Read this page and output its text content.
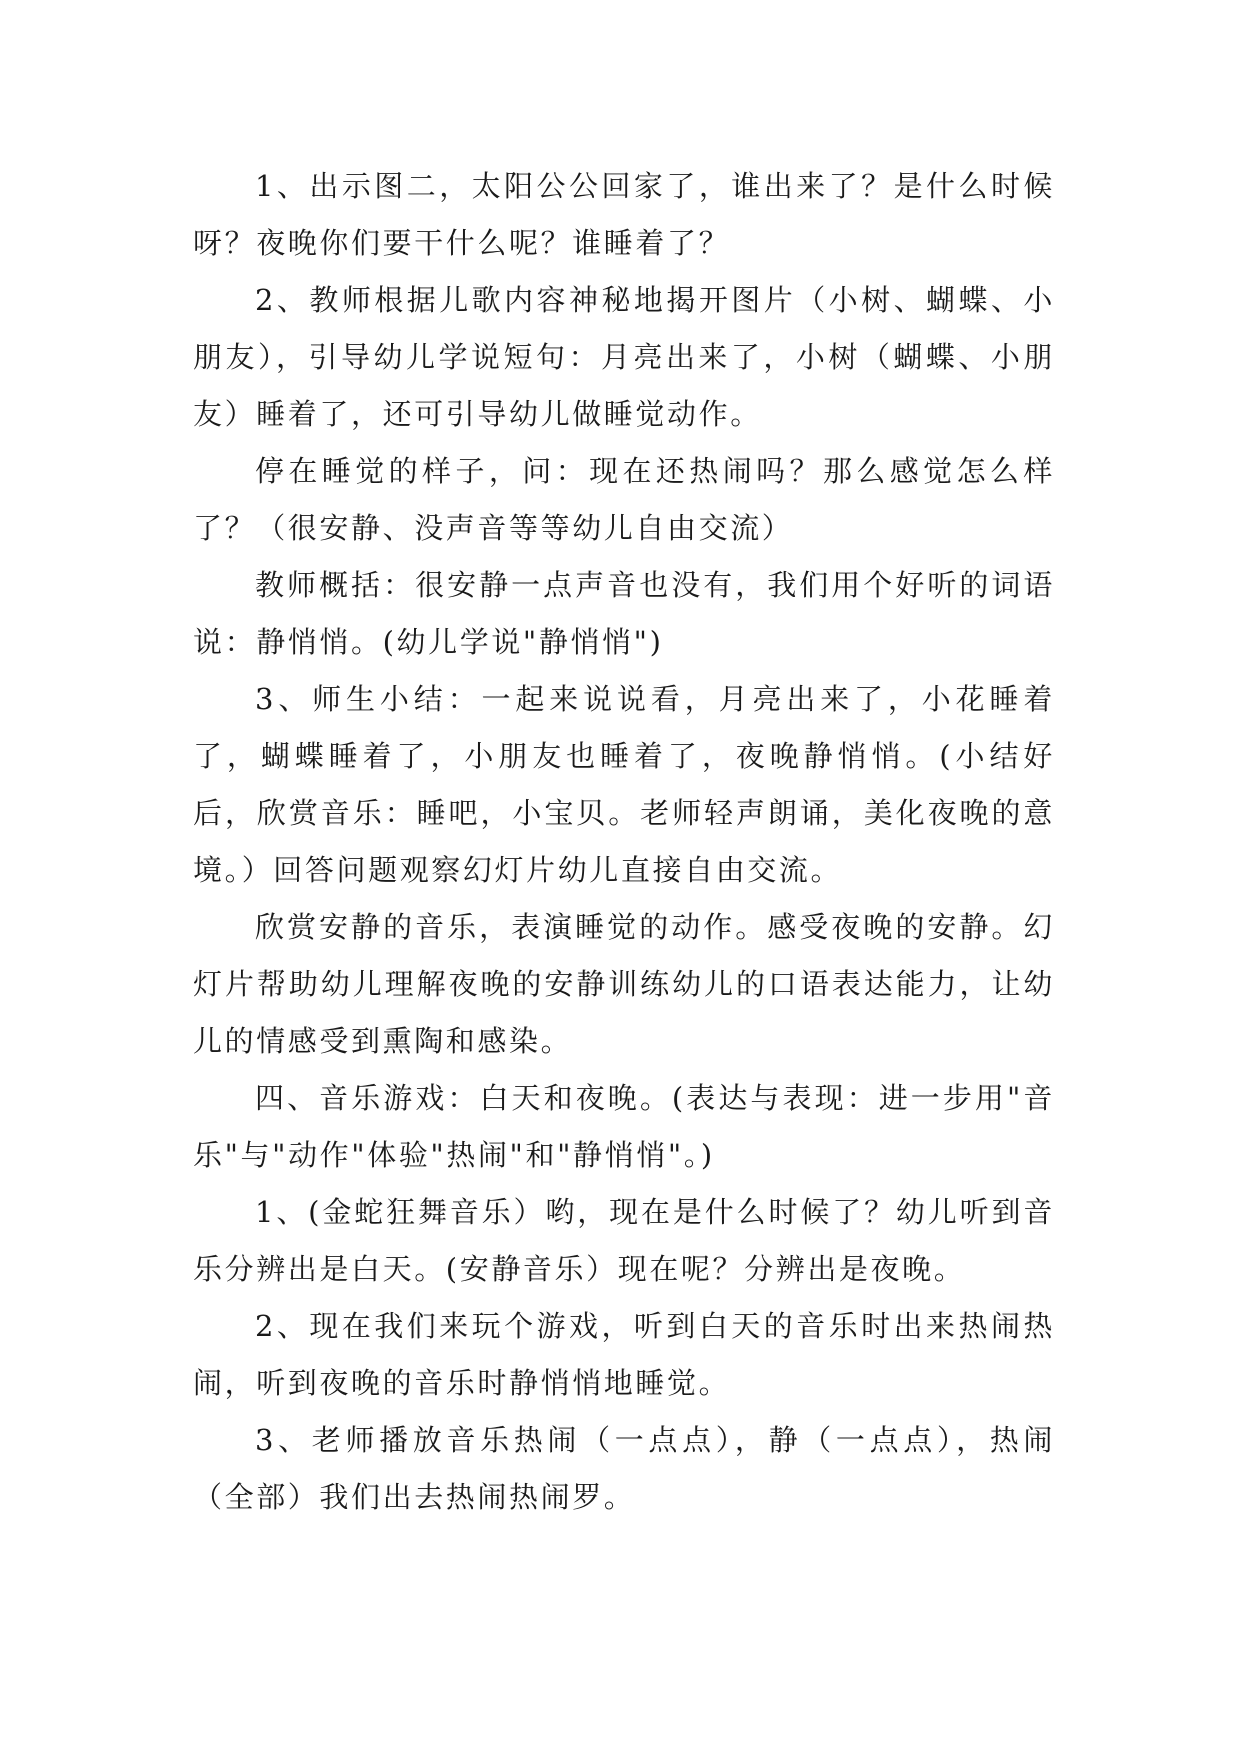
1、出示图二，太阳公公回家了，谁出来了？是什么时候呀？夜晚你们要干什么呢？谁睡着了？

2、教师根据儿歌内容神秘地揭开图片（小树、蝴蝶、小朋友），引导幼儿学说短句：月亮出来了，小树（蝴蝶、小朋友）睡着了，还可引导幼儿做睡觉动作。

停在睡觉的样子，问：现在还热闹吗？那么感觉怎么样了？（很安静、没声音等等幼儿自由交流）

教师概括：很安静一点声音也没有，我们用个好听的词语说：静悄悄。(幼儿学说"静悄悄")

3、师生小结：一起来说说看，月亮出来了，小花睡着了，蝴蝶睡着了，小朋友也睡着了，夜晚静悄悄。(小结好后，欣赏音乐：睡吧，小宝贝。老师轻声朗诵，美化夜晚的意境。）回答问题观察幻灯片幼儿直接自由交流。

欣赏安静的音乐，表演睡觉的动作。感受夜晚的安静。幻灯片帮助幼儿理解夜晚的安静训练幼儿的口语表达能力，让幼儿的情感受到熏陶和感染。

四、音乐游戏：白天和夜晚。(表达与表现：进一步用"音乐"与"动作"体验"热闹"和"静悄悄"。)

1、(金蛇狂舞音乐）哟，现在是什么时候了？幼儿听到音乐分辨出是白天。(安静音乐）现在呢？分辨出是夜晚。

2、现在我们来玩个游戏，听到白天的音乐时出来热闹热闹，听到夜晚的音乐时静悄悄地睡觉。

3、老师播放音乐热闹（一点点），静（一点点），热闹（全部）我们出去热闹热闹罗。
